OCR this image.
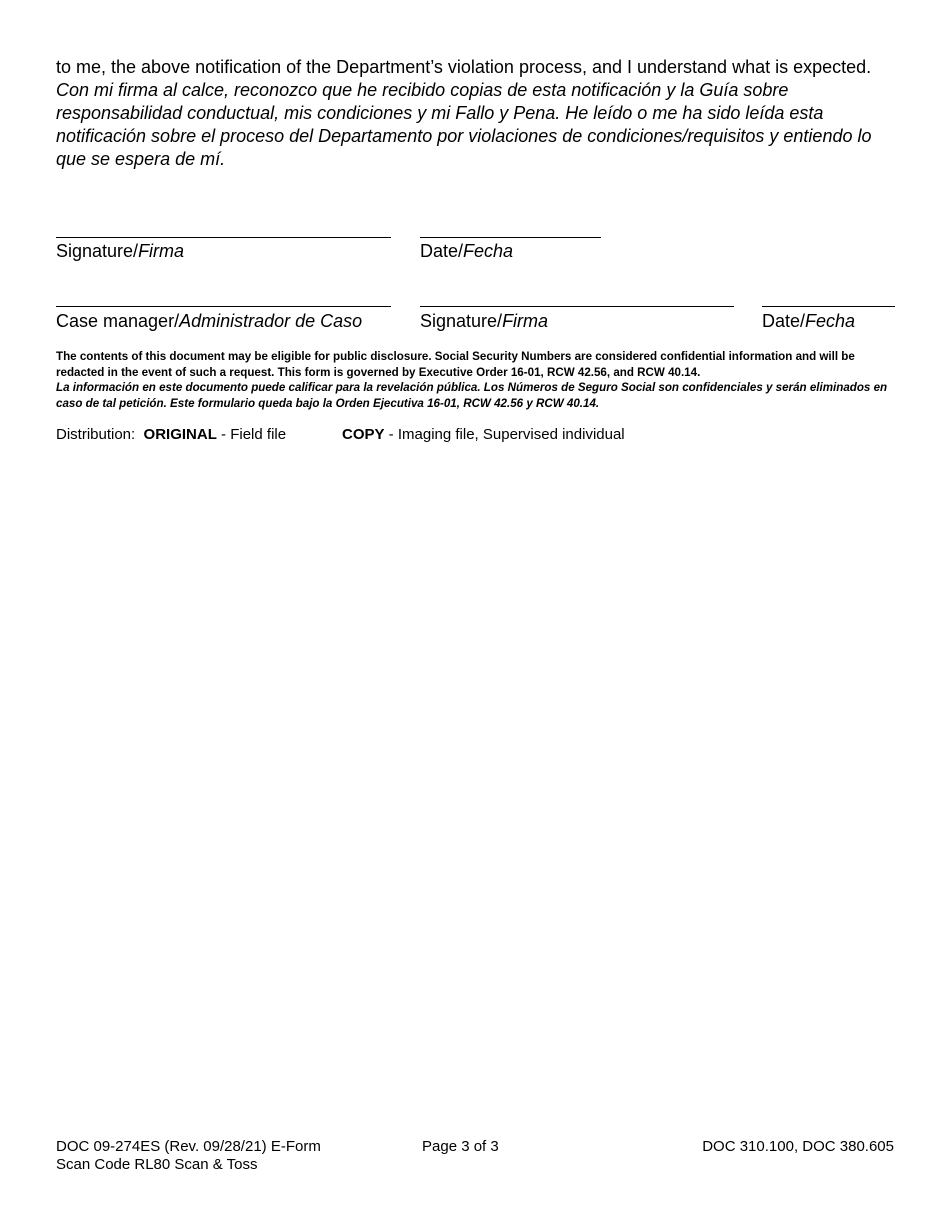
to me, the above notification of the Department’s violation process, and I understand what is expected.

Con mi firma al calce, reconozco que he recibido copias de esta notificación y la Guía sobre responsabilidad conductual, mis condiciones y mi Fallo y Pena. He leído o me ha sido leída esta notificación sobre el proceso del Departamento por violaciones de condiciones/requisitos y entiendo lo que se espera de mí.

Signature/Firma	Date/Fecha
Case manager/Administrador de Caso	Signature/Firma	Date/Fecha

The contents of this document may be eligible for public disclosure. Social Security Numbers are considered confidential information and will be redacted in the event of such a request. This form is governed by Executive Order 16-01, RCW 42.56, and RCW 40.14.

La información en este documento puede calificar para la revelación pública. Los Números de Seguro Social son confidenciales y serán eliminados en caso de tal petición. Este formulario queda bajo la Orden Ejecutiva 16-01, RCW 42.56 y RCW 40.14.

Distribution: ORIGINAL - Field file	COPY - Imaging file, Supervised individual
DOC 09-274ES (Rev. 09/28/21) E-Form
Scan Code RL80 Scan & Toss
Page 3 of 3	DOC 310.100, DOC 380.605
